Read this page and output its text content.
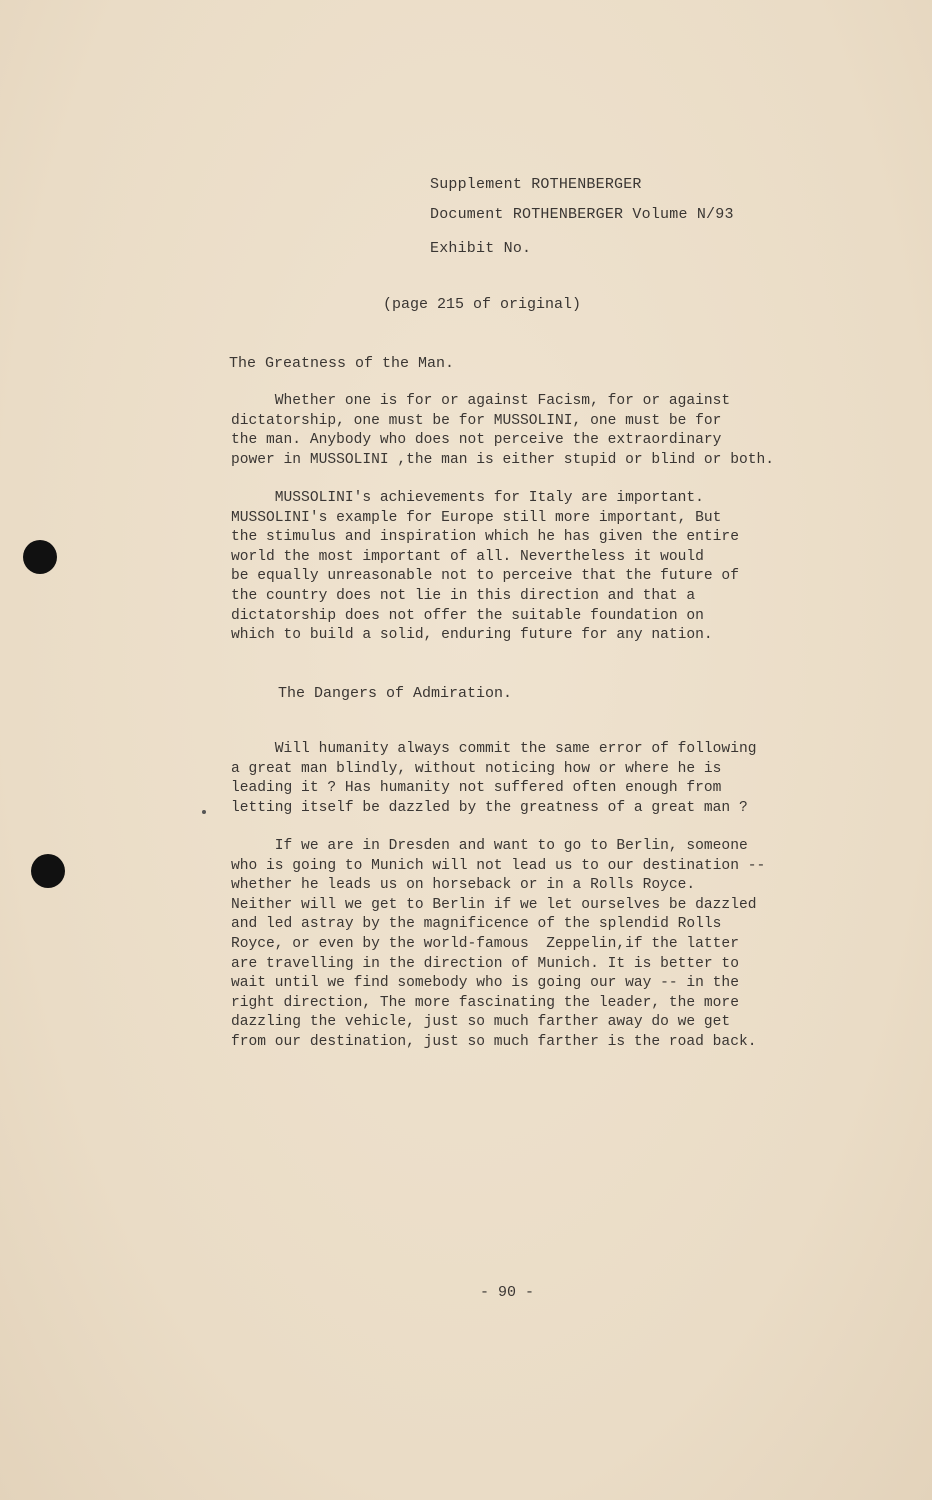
Supplement ROTHENBERGER
Document ROTHENBERGER Volume N/93
Exhibit No.
(page 215 of original)
The Greatness of the Man.

Whether one is for or against Facism, for or against
dictatorship, one must be for MUSSOLINI, one must be for
the man. Anybody who does not perceive the extraordinary
power in MUSSOLINI ,the man is either stupid or blind or both.

MUSSOLINI's achievements for Italy are important.
MUSSOLINI's example for Europe still more important, But
the stimulus and inspiration which he has given the entire
world the most important of all. Nevertheless it would
be equally unreasonable not to perceive that the future of
the country does not lie in this direction and that a
dictatorship does not offer the suitable foundation on
which to build a solid, enduring future for any nation.

The Dangers of Admiration.

Will humanity always commit the same error of following
a great man blindly, without noticing how or where he is
leading it ? Has humanity not suffered often enough from
letting itself be dazzled by the greatness of a great man ?

If we are in Dresden and want to go to Berlin, someone
who is going to Munich will not lead us to our destination --
whether he leads us on horseback or in a Rolls Royce.
Neither will we get to Berlin if we let ourselves be dazzled
and led astray by the magnificence of the splendid Rolls
Royce, or even by the world-famous  Zeppelin,if the latter
are travelling in the direction of Munich. It is better to
wait until we find somebody who is going our way -- in the
right direction, The more fascinating the leader, the more
dazzling the vehicle, just so much farther away do we get
from our destination, just so much farther is the road back.

- 90 -
